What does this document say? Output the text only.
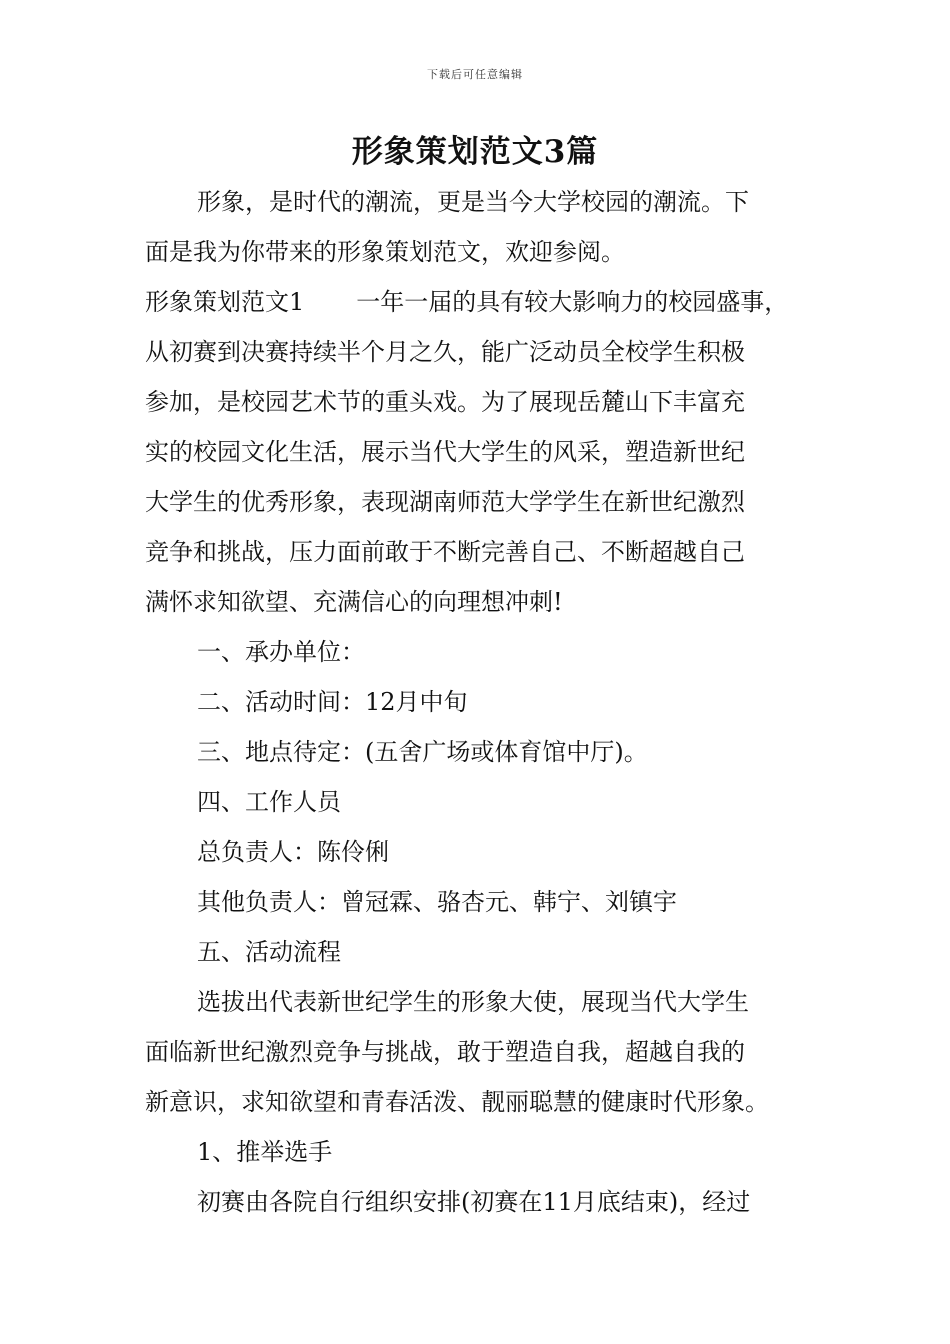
下载后可任意编辑
形象策划范文3篇

形象，是时代的潮流，更是当今大学校园的潮流。下

面是我为你带来的形象策划范文，欢迎参阅。

形象策划范文1 一年一届的具有较大影响力的校园盛事，

从初赛到决赛持续半个月之久，能广泛动员全校学生积极

参加，是校园艺术节的重头戏。为了展现岳麓山下丰富充

实的校园文化生活，展示当代大学生的风采，塑造新世纪

大学生的优秀形象，表现湖南师范大学学生在新世纪激烈

竞争和挑战，压力面前敢于不断完善自己、不断超越自己

满怀求知欲望、充满信心的向理想冲刺!

一、承办单位：

二、活动时间：12月中旬

三、地点待定：(五舍广场或体育馆中厅)。

四、工作人员

总负责人：陈伶俐

其他负责人：曾冠霖、骆杏元、韩宁、刘镇宇

五、活动流程

选拔出代表新世纪学生的形象大使，展现当代大学生

面临新世纪激烈竞争与挑战，敢于塑造自我，超越自我的

新意识，求知欲望和青春活泼、靓丽聪慧的健康时代形象。

1、推举选手

初赛由各院自行组织安排(初赛在11月底结束)，经过
